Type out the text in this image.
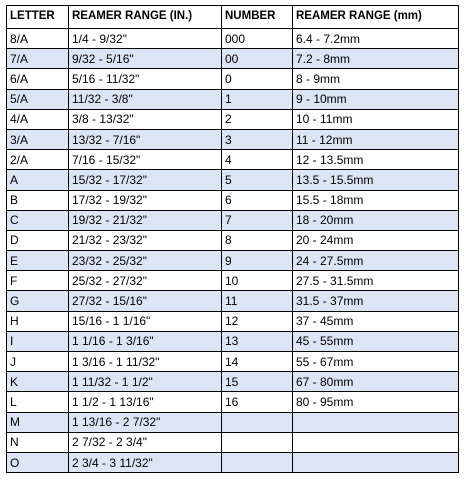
LETTER	REAMER RANGE (IN.)	NUMBER	REAMER RANGE (mm)
8/A	1/4 - 9/32"	000	6.4 - 7.2mm
7/A	9/32 - 5/16"	00	7.2 - 8mm
6/A	5/16 - 11/32"	0	8 - 9mm
5/A	11/32 - 3/8"	1	9 - 10mm
4/A	3/8 - 13/32"	2	10 - 11mm
3/A	13/32 - 7/16"	3	11 - 12mm
2/A	7/16 - 15/32"	4	12 - 13.5mm
A	15/32 - 17/32"	5	13.5 - 15.5mm
B	17/32 - 19/32"	6	15.5 - 18mm
C	19/32 - 21/32"	7	18 - 20mm
D	21/32 - 23/32"	8	20 - 24mm
E	23/32 - 25/32"	9	24 - 27.5mm
F	25/32 - 27/32"	10	27.5 - 31.5mm
G	27/32 - 15/16"	11	31.5 - 37mm
H	15/16 - 1 1/16"	12	37 - 45mm
I	1 1/16 - 1 3/16"	13	45 - 55mm
J	1 3/16 - 1 11/32"	14	55 - 67mm
K	1 11/32 - 1 1/2"	15	67 - 80mm
L	1 1/2 - 1 13/16"	16	80 - 95mm
M	1 13/16 - 2 7/32"		
N	2 7/32 - 2 3/4"		
O	2 3/4 - 3 11/32"		
